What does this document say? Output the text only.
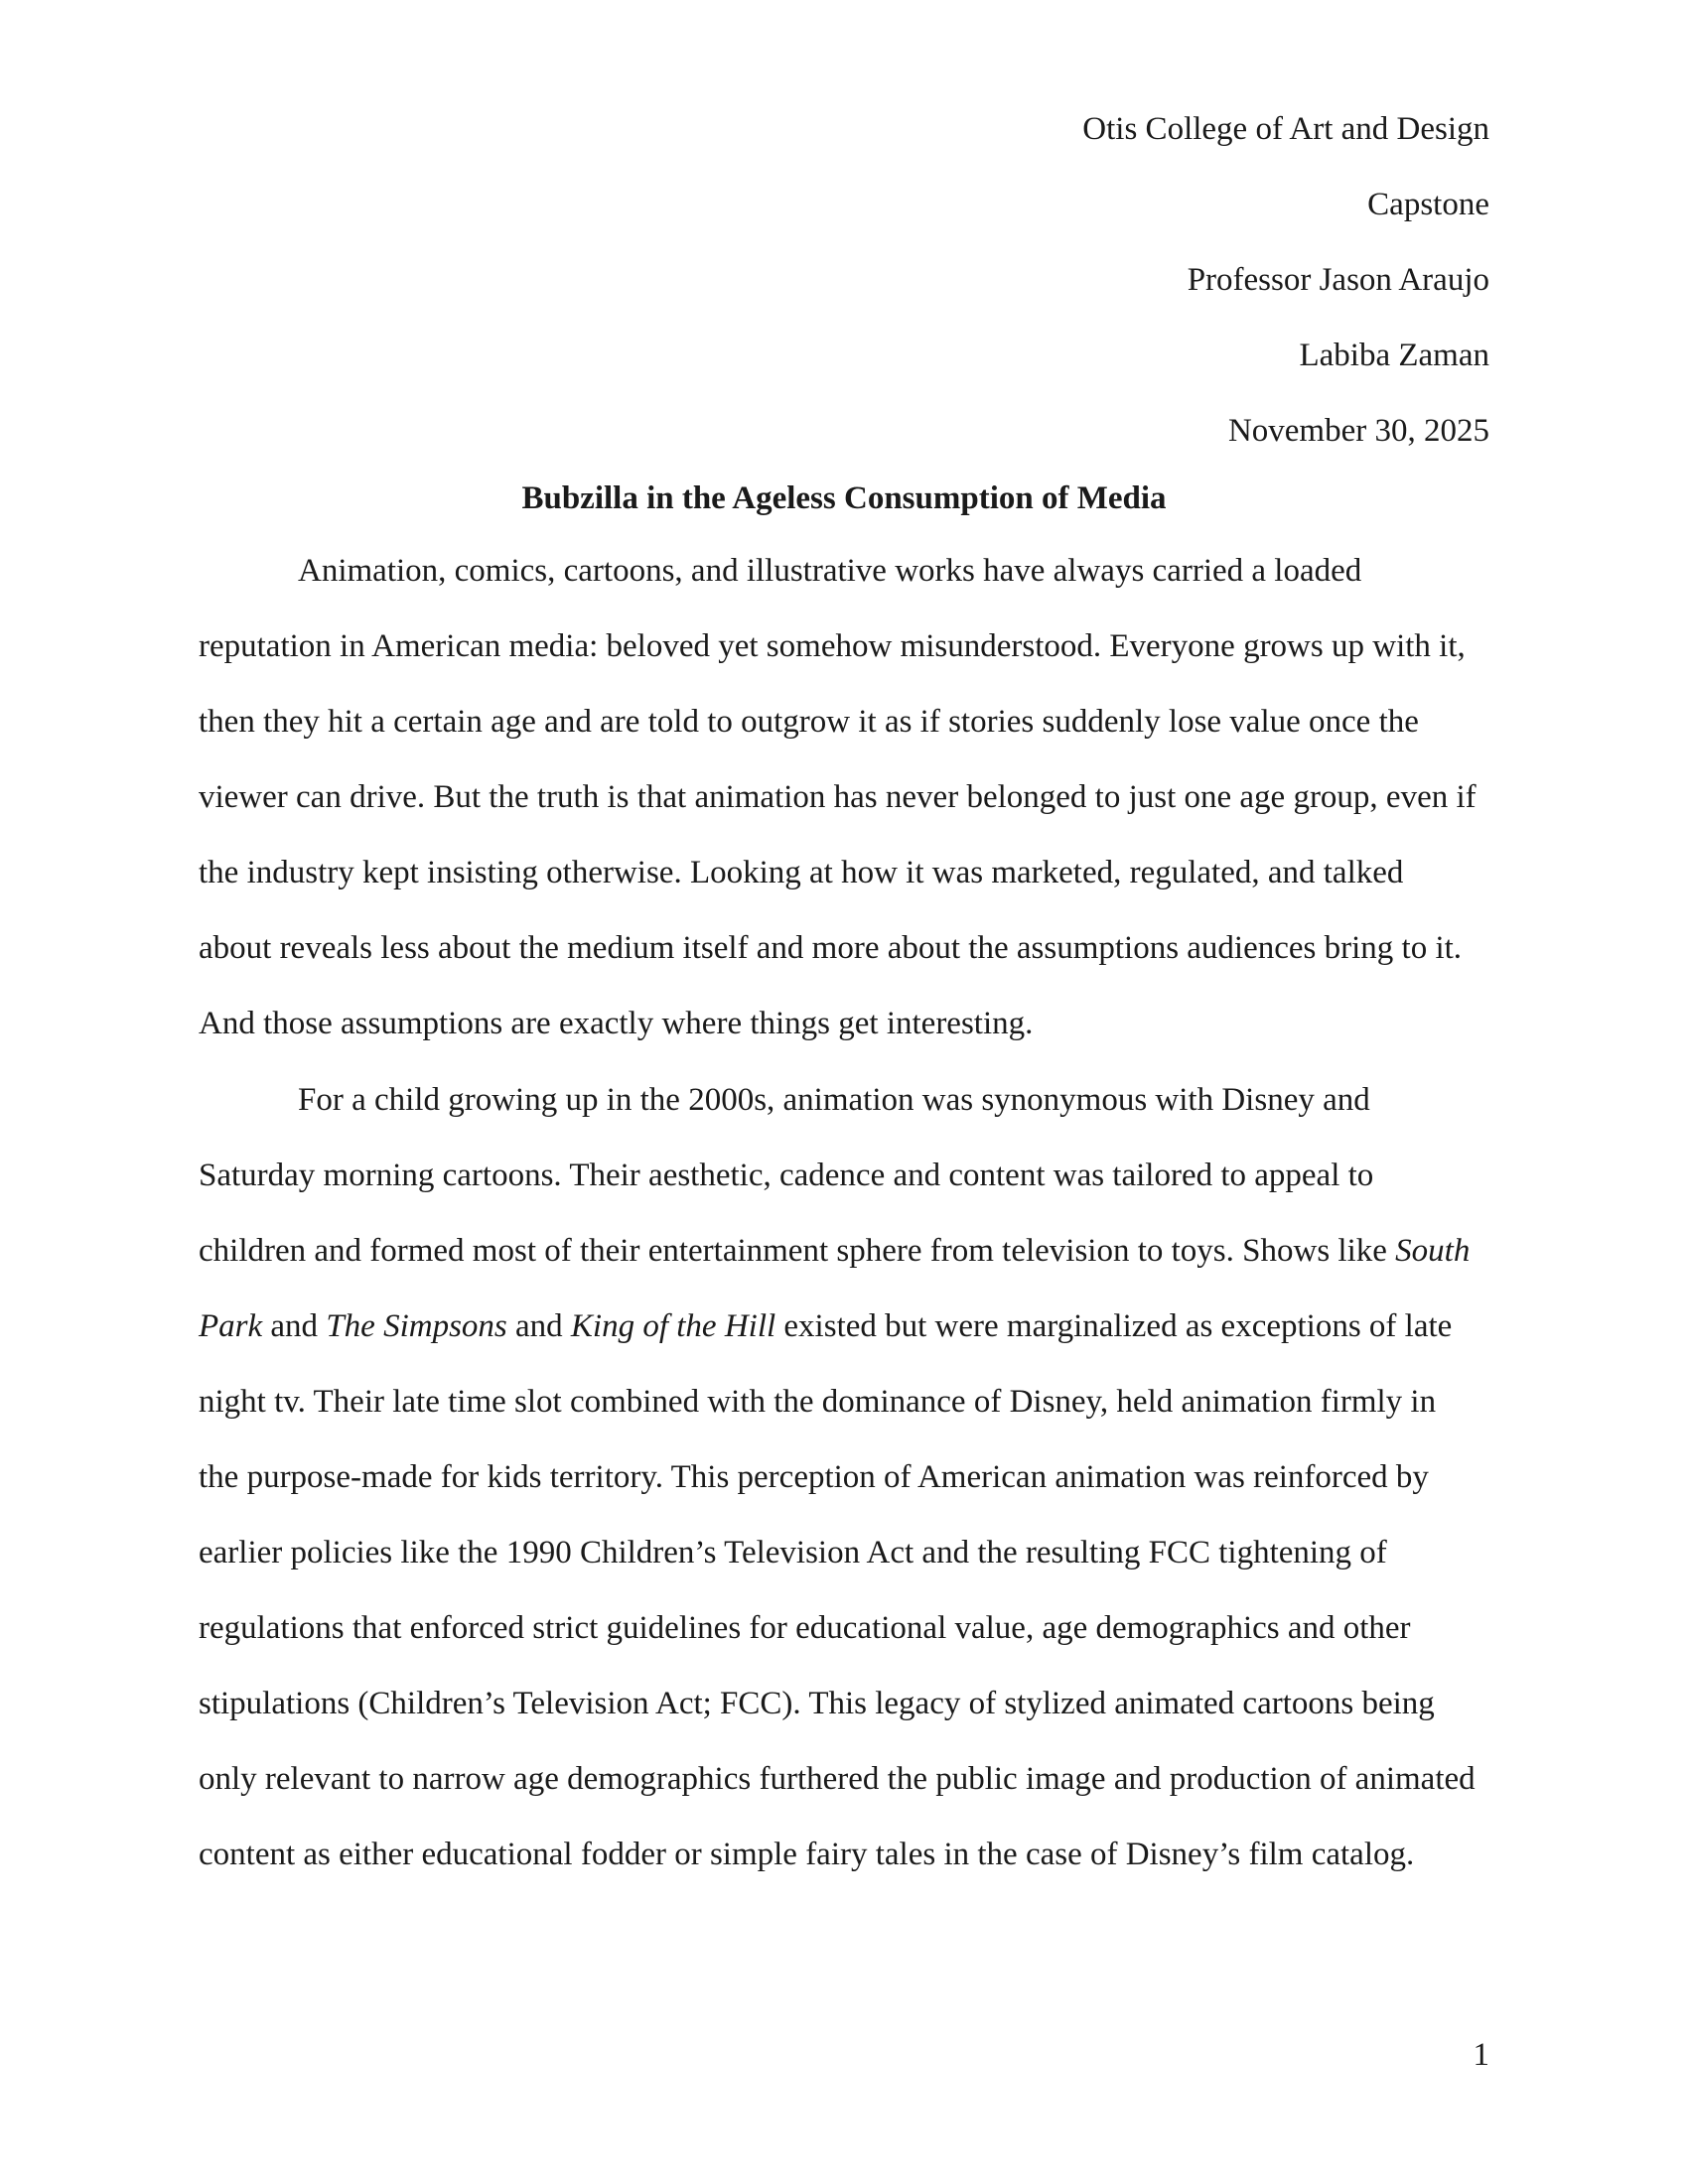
Otis College of Art and Design
Capstone
Professor Jason Araujo
Labiba Zaman
November 30, 2025
Bubzilla in the Ageless Consumption of Media
Animation, comics, cartoons, and illustrative works have always carried a loaded
reputation in American media: beloved yet somehow misunderstood. Everyone grows up with it,
then they hit a certain age and are told to outgrow it as if stories suddenly lose value once the
viewer can drive. But the truth is that animation has never belonged to just one age group, even if
the industry kept insisting otherwise. Looking at how it was marketed, regulated, and talked
about reveals less about the medium itself and more about the assumptions audiences bring to it.
And those assumptions are exactly where things get interesting.
For a child growing up in the 2000s, animation was synonymous with Disney and
Saturday morning cartoons. Their aesthetic, cadence and content was tailored to appeal to
children and formed most of their entertainment sphere from television to toys. Shows like South
Park and The Simpsons and King of the Hill existed but were marginalized as exceptions of late
night tv. Their late time slot combined with the dominance of Disney, held animation firmly in
the purpose-made for kids territory. This perception of American animation was reinforced by
earlier policies like the 1990 Children’s Television Act and the resulting FCC tightening of
regulations that enforced strict guidelines for educational value, age demographics and other
stipulations (Children’s Television Act; FCC). This legacy of stylized animated cartoons being
only relevant to narrow age demographics furthered the public image and production of animated
content as either educational fodder or simple fairy tales in the case of Disney’s film catalog.
1
